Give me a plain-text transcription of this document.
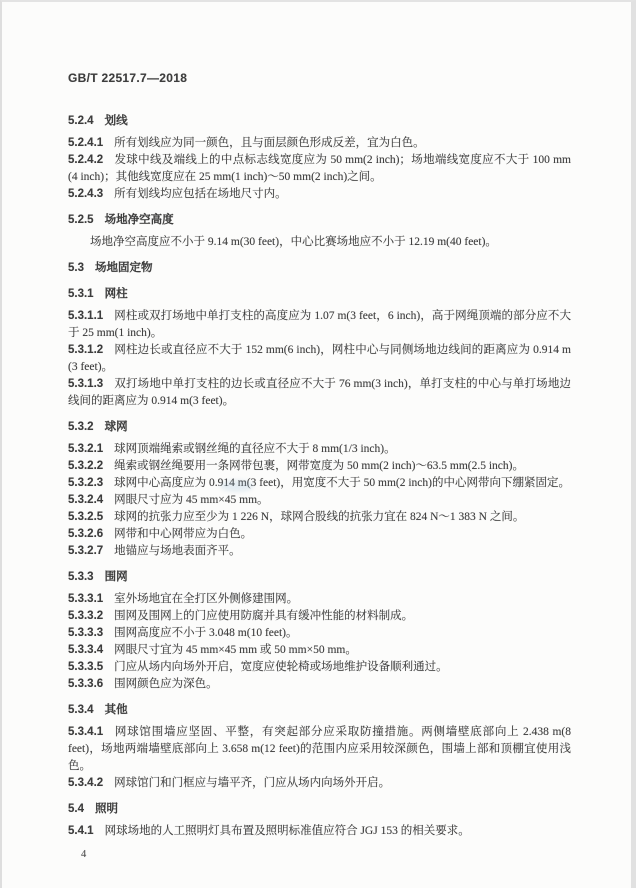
GB/T 22517.7—2018
5.2.4 划线

5.2.4.1 所有划线应为同一颜色，且与面层颜色形成反差，宜为白色。

5.2.4.2 发球中线及端线上的中点标志线宽度应为 50 mm(2 inch)；场地端线宽度应不大于 100 mm (4 inch)；其他线宽度应在 25 mm(1 inch)～50 mm(2 inch)之间。

5.2.4.3 所有划线均应包括在场地尺寸内。

5.2.5 场地净空高度

场地净空高度应不小于 9.14 m(30 feet)，中心比赛场地应不小于 12.19 m(40 feet)。

5.3 场地固定物
5.3.1 网柱

5.3.1.1 网柱或双打场地中单打支柱的高度应为 1.07 m(3 feet，6 inch)，高于网绳顶端的部分应不大于 25 mm(1 inch)。

5.3.1.2 网柱边长或直径应不大于 152 mm(6 inch)，网柱中心与同侧场地边线间的距离应为 0.914 m (3 feet)。

5.3.1.3 双打场地中单打支柱的边长或直径应不大于 76 mm(3 inch)，单打支柱的中心与单打场地边线间的距离应为 0.914 m(3 feet)。

5.3.2 球网

5.3.2.1 球网顶端绳索或钢丝绳的直径应不大于 8 mm(1/3 inch)。

5.3.2.2 绳索或钢丝绳要用一条网带包裹，网带宽度为 50 mm(2 inch)～63.5 mm(2.5 inch)。

5.3.2.3 球网中心高度应为 0.914 m(3 feet)，用宽度不大于 50 mm(2 inch)的中心网带向下绷紧固定。

5.3.2.4 网眼尺寸应为 45 mm×45 mm。

5.3.2.5 球网的抗张力应至少为 1 226 N，球网合股线的抗张力宜在 824 N～1 383 N 之间。

5.3.2.6 网带和中心网带应为白色。

5.3.2.7 地锚应与场地表面齐平。

5.3.3 围网

5.3.3.1 室外场地宜在全打区外侧修建围网。

5.3.3.2 围网及围网上的门应使用防腐并具有缓冲性能的材料制成。

5.3.3.3 围网高度应不小于 3.048 m(10 feet)。

5.3.3.4 网眼尺寸宜为 45 mm×45 mm 或 50 mm×50 mm。

5.3.3.5 门应从场内向场外开启，宽度应使轮椅或场地维护设备顺利通过。

5.3.3.6 围网颜色应为深色。

5.3.4 其他

5.3.4.1 网球馆围墙应坚固、平整，有突起部分应采取防撞措施。两侧墙壁底部向上 2.438 m(8 feet)，场地两端墙壁底部向上 3.658 m(12 feet)的范围内应采用较深颜色，围墙上部和顶棚宜使用浅色。

5.3.4.2 网球馆门和门框应与墙平齐，门应从场内向场外开启。

5.4 照明

5.4.1 网球场地的人工照明灯具布置及照明标准值应符合 JGJ 153 的相关要求。

4
